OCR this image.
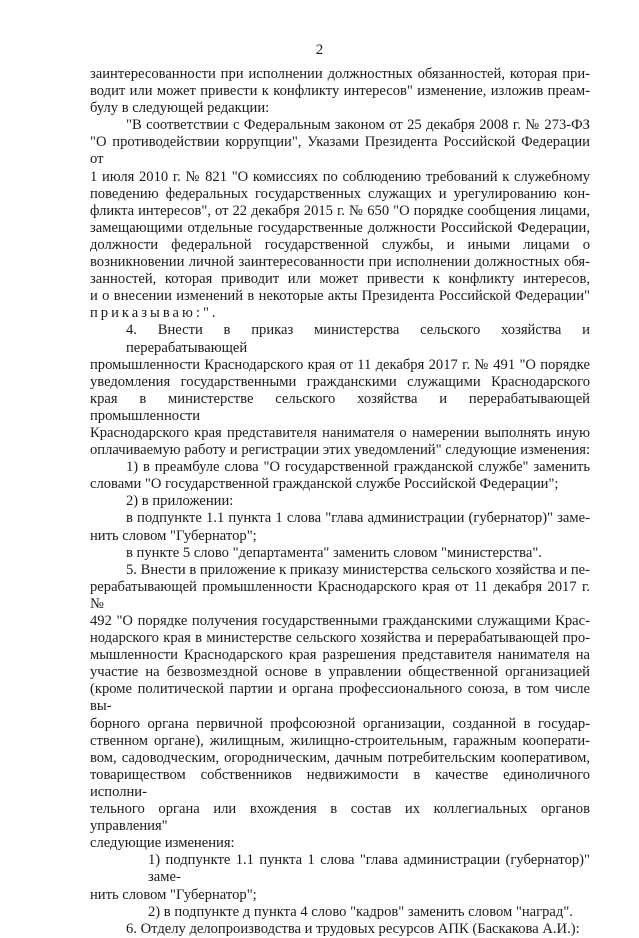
2
заинтересованности при исполнении должностных обязанностей, которая при-
водит или может привести к конфликту интересов" изменение, изложив преам-
булу в следующей редакции:
"В соответствии с Федеральным законом от 25 декабря 2008 г. № 273-ФЗ
"О противодействии коррупции", Указами Президента Российской Федерации от
1 июля 2010 г. № 821 "О комиссиях по соблюдению требований к служебному
поведению федеральных государственных служащих и урегулированию кон-
фликта интересов", от 22 декабря 2015 г. № 650 "О порядке сообщения лицами,
замещающими отдельные государственные должности Российской Федерации,
должности федеральной государственной службы, и иными лицами о
возникновении личной заинтересованности при исполнении должностных обя-
занностей, которая приводит или может привести к конфликту интересов,
и о внесении изменений в некоторые акты Президента Российской Федерации"
приказываю:".
4. Внести в приказ министерства сельского хозяйства и перерабатывающей
промышленности Краснодарского края от 11 декабря 2017 г. № 491 "О порядке
уведомления государственными гражданскими служащими Краснодарского
края в министерстве сельского хозяйства и перерабатывающей промышленности
Краснодарского края представителя нанимателя о намерении выполнять иную
оплачиваемую работу и регистрации этих уведомлений" следующие изменения:
1) в преамбуле слова "О государственной гражданской службе" заменить
словами "О государственной гражданской службе Российской Федерации";
2) в приложении:
в подпункте 1.1 пункта 1 слова "глава администрации (губернатор)" заме-
нить словом "Губернатор";
в пункте 5 слово "департамента" заменить словом "министерства".
5. Внести в приложение к приказу министерства сельского хозяйства и пе-
рерабатывающей промышленности Краснодарского края от 11 декабря 2017 г. №
492 "О порядке получения государственными гражданскими служащими Крас-
нодарского края в министерстве сельского хозяйства и перерабатывающей про-
мышленности Краснодарского края разрешения представителя нанимателя на
участие на безвозмездной основе в управлении общественной организацией
(кроме политической партии и органа профессионального союза, в том числе вы-
борного органа первичной профсоюзной организации, созданной в государ-
ственном органе), жилищным, жилищно-строительным, гаражным кооперати-
вом, садоводческим, огородническим, дачным потребительским кооперативом,
товариществом собственников недвижимости в качестве единоличного исполни-
тельного органа или вхождения в состав их коллегиальных органов управления"
следующие изменения:
1) подпункте 1.1 пункта 1 слова "глава администрации (губернатор)" заме-
нить словом "Губернатор";
2) в подпункте д пункта 4 слово "кадров" заменить словом "наград".
6. Отделу делопроизводства и трудовых ресурсов АПК (Баскакова А.И.):
